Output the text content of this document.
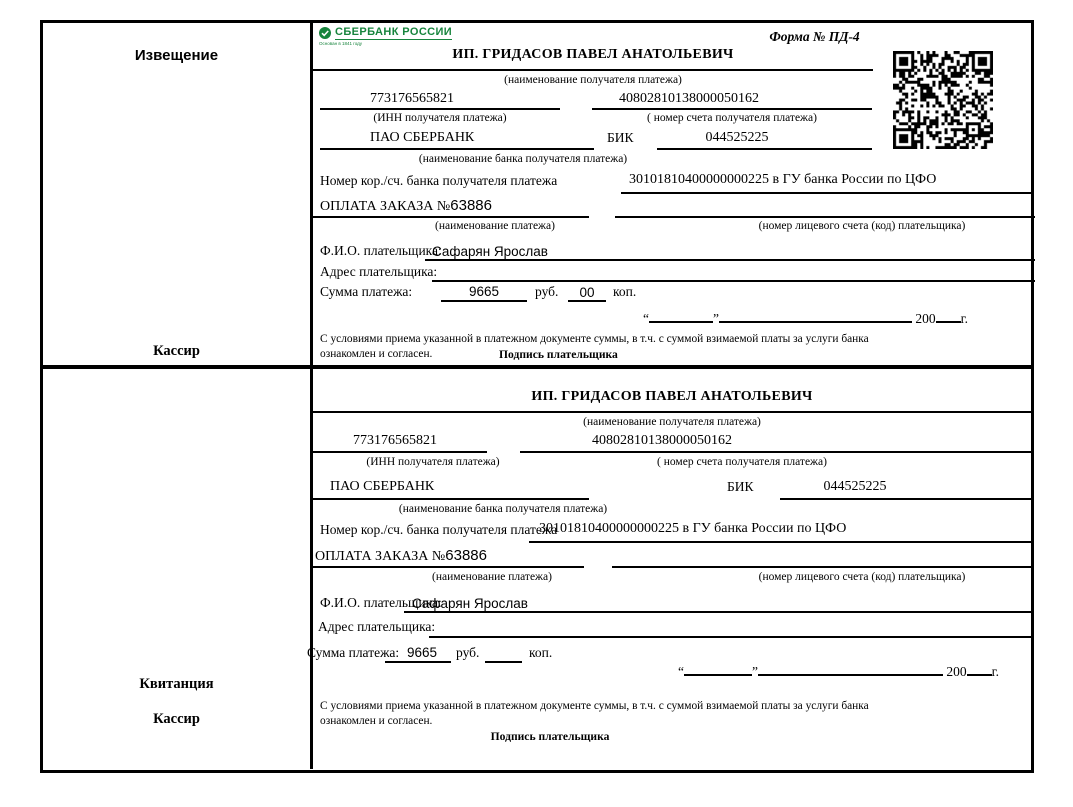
Извещение
Кассир
СБЕРБАНК РОССИИ
Основан в 1841 году	Форма № ПД-4
ИП. ГРИДАСОВ ПАВЕЛ АНАТОЛЬЕВИЧ
(наименование получателя платежа)
773176565821	40802810138000050162
(ИНН получателя платежа)	( номер счета получателя платежа)
ПАО СБЕРБАНК	БИК	044525225
(наименование банка получателя платежа)
Номер кор./сч. банка получателя платежа	30101810400000000225 в ГУ банка России по ЦФО
ОПЛАТА ЗАКАЗА №63886
(наименование платежа)	(номер лицевого счета (код) плательщика)
Ф.И.О. плательщика:
Сафарян Ярослав
Адрес плательщика:
Сумма платежа:	9665	руб.	00	коп.
“	”	200 г.
С условиями приема указанной в платежном документе суммы, в т.ч. с суммой взимаемой платы за услуги банка
ознакомлен и согласен.	Подпись плательщика
Квитанция
Кассир
ИП. ГРИДАСОВ ПАВЕЛ АНАТОЛЬЕВИЧ
(наименование получателя платежа)
773176565821	40802810138000050162
(ИНН получателя платежа)	( номер счета получателя платежа)
ПАО СБЕРБАНК	БИК	044525225
(наименование банка получателя платежа)
Номер кор./сч. банка получателя платежа
30101810400000000225 в ГУ банка России по ЦФО
ОПЛАТА ЗАКАЗА №63886
(наименование платежа)	(номер лицевого счета (код) плательщика)
Ф.И.О. плательщика:
Сафарян Ярослав
Адрес плательщика:
Сумма платежа: 9665	руб.	коп.
“	”	200 г.
С условиями приема указанной в платежном документе суммы, в т.ч. с суммой взимаемой платы за услуги банка
ознакомлен и согласен.
Подпись плательщика
